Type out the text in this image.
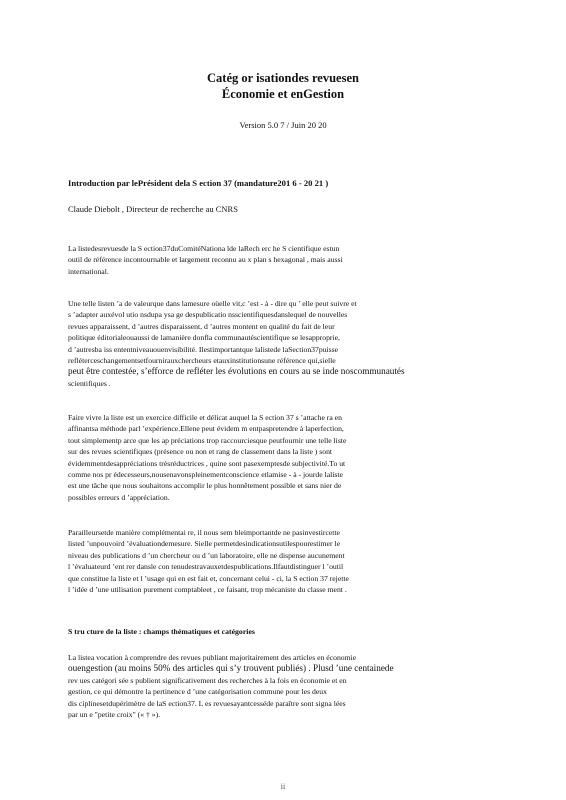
Catég or isationdes revuesen

Économie et enGestion

Version 5.0 7 / Juin 20 20
Introduction par lePrésident dela S ection 37 (mandature201 6 - 20 21 )
Claude Diebolt , Directeur de recherche au CNRS
La listedesrevuesde la S ection37duComitéNationa lde laRech erc he S cientifique estun
outil de référence incontournable et largement reconnu au x plan s hexagonal , mais aussi
international.
Une telle listen ’a de valeurque dans lamesure oùelle vit,c ’est - à - dire qu ’ elle peut suivre et
s ’adapter auxévol utio nsdupa ysa ge despublicatio nsscientifiquesdanslequel de nouvelles
revues apparaissent, d ’autres disparaissent, d ’autres montent en qualité du fait de leur
politique éditorialeouaussi de lamanière donfla communautéscientifique se lesapproprie,
d ’autresba iss ententniveauouenvisibilité. Ilestimportantque lalistede laSection37puisse
refléterceschangementsetfournirauxchercheurs etauxinstitutionsune référence qui,sielle
peut être contestée, s’efforce de refléter les évolutions en cours au se inde noscommunautés
scientifiques .
Faire vivre la liste est un exercice difficile et délicat auquel la S ection 37 s ’attache ra en
affinantsa méthode parl ’expérience.Ellene peut évidem m entpaspretendre à laperfection,
tout simplementp arce que les ap préciations trop raccourciesque peutfournir une telle liste
sur des revues scientifiques (présence ou non et rang de classement dans la liste ) sont
évidemmentdesappréciations trèsréductrices , quine sont pasexemptesde subjectivité.To ut
comme nos pr édecesseurs,nousenavonspleinementconscience etlamise - à - jourde laliste
est une tâche que nous souhaitons accomplir le plus honnêtement possible et sans nier de
possibles erreurs d ’appréciation.
Parailleursetde manière complémentai re, il nous sem bleimportantde ne pasinvestircette
listed ’unpouvoird ’évaluationdemesure. Sielle permetdesindicationsutilespourestimer le
niveau des publications d ’un chercheur ou d ’un laboratoire, elle ne dispense aucunement
l ’évaluateurd ’ent rer dansle con tenudestravauxetdespublications.Ilfautdistinguer l ’outil
que constitue la liste et l ’usage qui en est fait et, concernant celui - ci, la S ection 37 rejette
l ’idée d ’une utilisation purement comptableet , ce faisant, trop mécaniste du classe ment .
S tru cture de la liste : champs thématiques et catégories
La listea vocation à comprendre des revues publiant majoritairement des articles en économie
ouengestion (au moins 50% des articles qui s’y trouvent publiés) . Plusd ’une centainede
rev ues catégori sée s publient significativement des recherches à la fois en économie et en
gestion, ce qui démontre la pertinence d ’une catégorisation commune pour les deux
dis ciplinesetdupérimètre de laS ection37. L es revuesayantcesséde paraître sont signa lées
par un e "petite croix" (« † »).
ii
